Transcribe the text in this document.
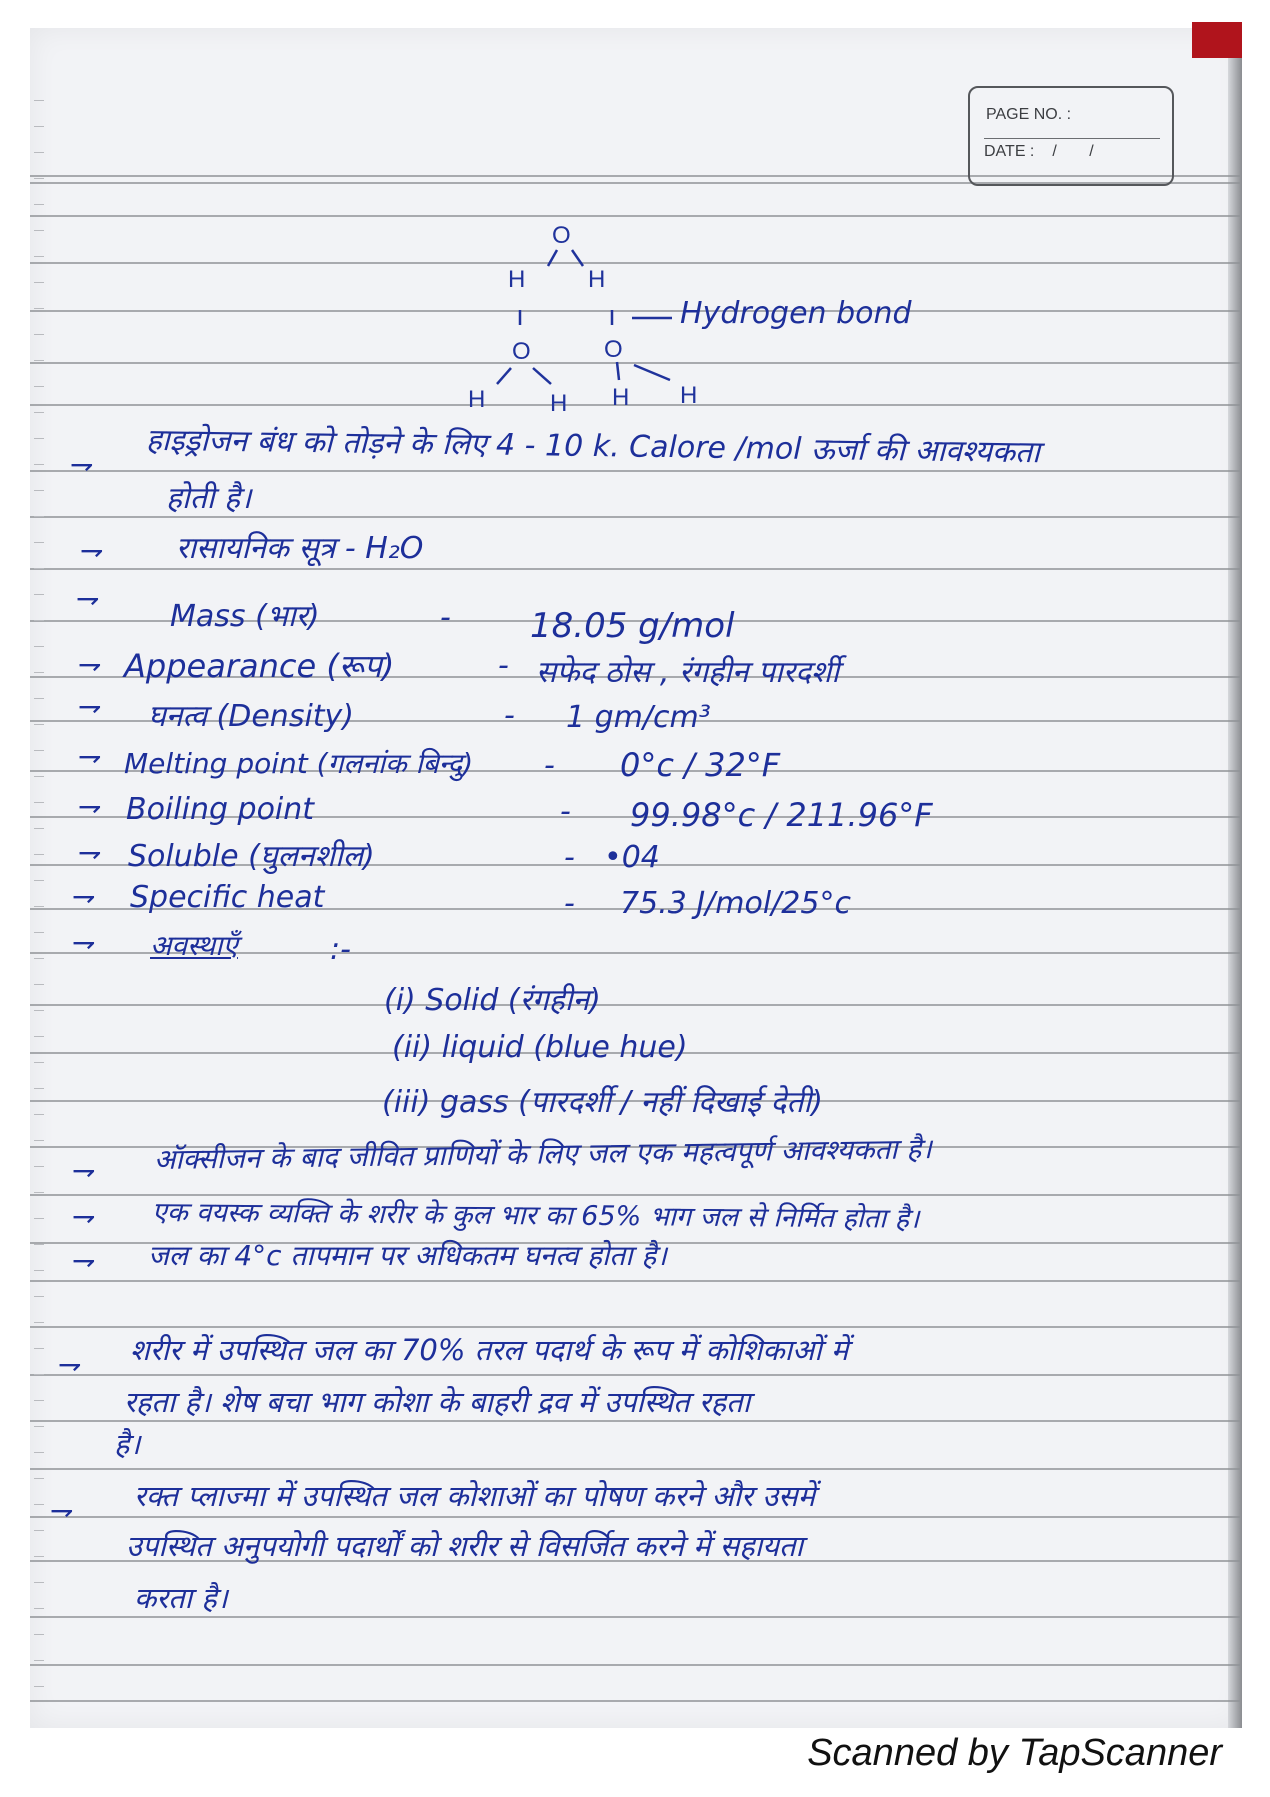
PAGE NO. :
DATE : / /
O
H	H
O	O
H	H H H
Hydrogen bond
⇁
⇁
⇁
⇁
⇁
⇁
⇁
⇁
⇁
⇁
⇁
⇁
⇁
⇁
⇁
हाइड्रोजन बंध को तोड़ने के लिए 4 - 10 k. Calore /mol ऊर्जा की आवश्यकता
होती है।
रासायनिक सूत्र - H₂O
Mass (भार)	- 18.05 g/mol
Appearance (रूप)	- सफेद ठोस , रंगहीन पारदर्शी
घनत्व (Density)	- 1 gm/cm³
Melting point (गलनांक बिन्दु) - 0°c / 32°F
Boiling point	- 99.98°c / 211.96°F
Soluble (घुलनशील)	- •04
Specific heat	- 75.3 J/mol/25°c
अवस्थाएँ	:-
(i) Solid (रंगहीन)
(ii) liquid (blue hue)
(iii) gass (पारदर्शी / नहीं दिखाई देती)
ऑक्सीजन के बाद जीवित प्राणियों के लिए जल एक महत्वपूर्ण आवश्यकता है।
एक वयस्क व्यक्ति के शरीर के कुल भार का 65% भाग जल से निर्मित होता है।
जल का 4°c तापमान पर अधिकतम घनत्व होता है।
शरीर में उपस्थित जल का 70% तरल पदार्थ के रूप में कोशिकाओं में
रहता है। शेष बचा भाग कोशा के बाहरी द्रव में उपस्थित रहता
है।
रक्त प्लाज्मा में उपस्थित जल कोशाओं का पोषण करने और उसमें
उपस्थित अनुपयोगी पदार्थों को शरीर से विसर्जित करने में सहायता
करता है।
Scanned by TapScanner
